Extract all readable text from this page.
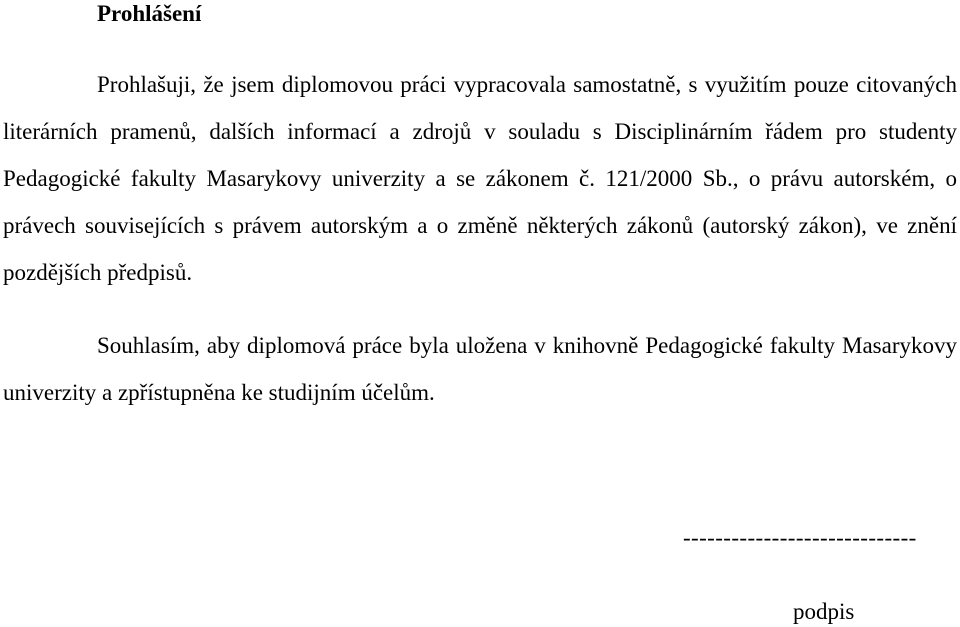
Prohlášení

Prohlašuji, že jsem diplomovou práci vypracovala samostatně, s využitím pouze citovaných literárních pramenů, dalších informací a zdrojů v souladu s Disciplinárním řádem pro studenty Pedagogické fakulty Masarykovy univerzity a se zákonem č. 121/2000 Sb., o právu autorském, o právech souvisejících s právem autorským a o změně některých zákonů (autorský zákon), ve znění pozdějších předpisů.

Souhlasím, aby diplomová práce byla uložena v knihovně Pedagogické fakulty Masarykovy univerzity a zpřístupněna ke studijním účelům.

-----------------------------
podpis
